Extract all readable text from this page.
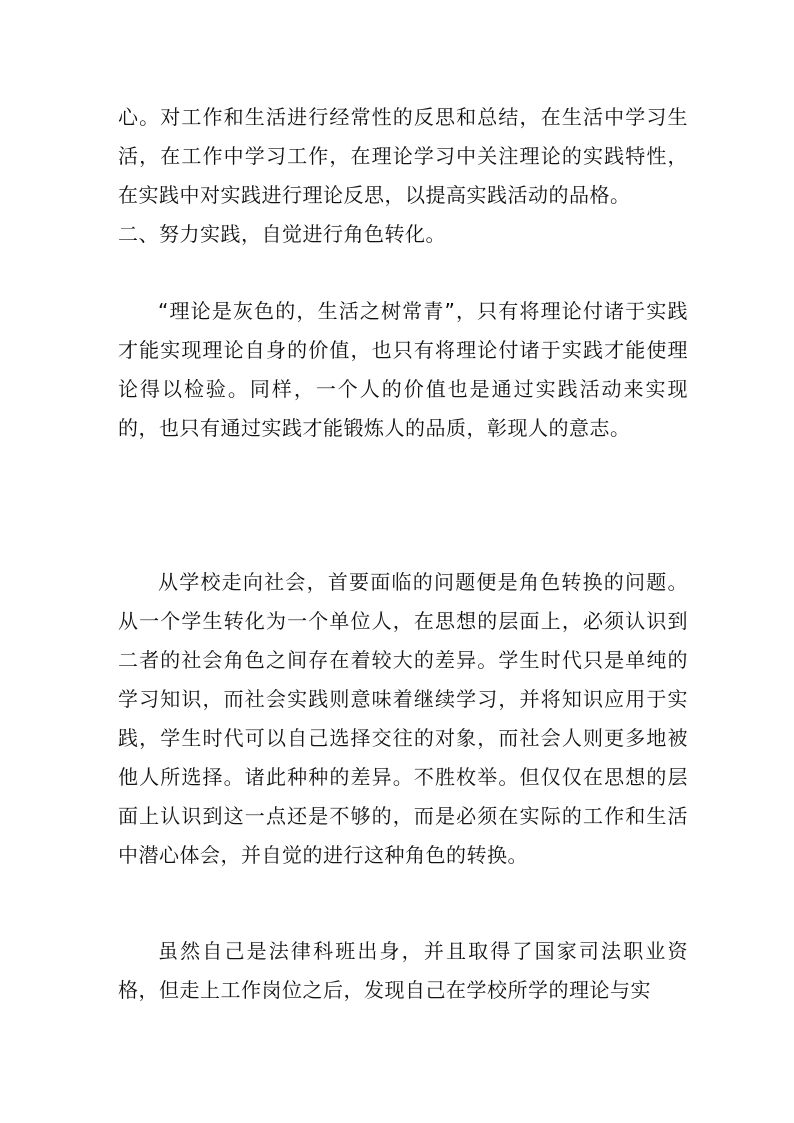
心。对工作和生活进行经常性的反思和总结，在生活中学习生活，在工作中学习工作，在理论学习中关注理论的实践特性，在实践中对实践进行理论反思，以提高实践活动的品格。

二、努力实践，自觉进行角色转化。

“理论是灰色的，生活之树常青”，只有将理论付诸于实践才能实现理论自身的价值，也只有将理论付诸于实践才能使理论得以检验。同样，一个人的价值也是通过实践活动来实现的，也只有通过实践才能锻炼人的品质，彰现人的意志。

从学校走向社会，首要面临的问题便是角色转换的问题。从一个学生转化为一个单位人，在思想的层面上，必须认识到二者的社会角色之间存在着较大的差异。学生时代只是单纯的学习知识，而社会实践则意味着继续学习，并将知识应用于实践，学生时代可以自己选择交往的对象，而社会人则更多地被他人所选择。诸此种种的差异。不胜枚举。但仅仅在思想的层面上认识到这一点还是不够的，而是必须在实际的工作和生活中潜心体会，并自觉的进行这种角色的转换。

虽然自己是法律科班出身，并且取得了国家司法职业资格，但走上工作岗位之后，发现自己在学校所学的理论与实
